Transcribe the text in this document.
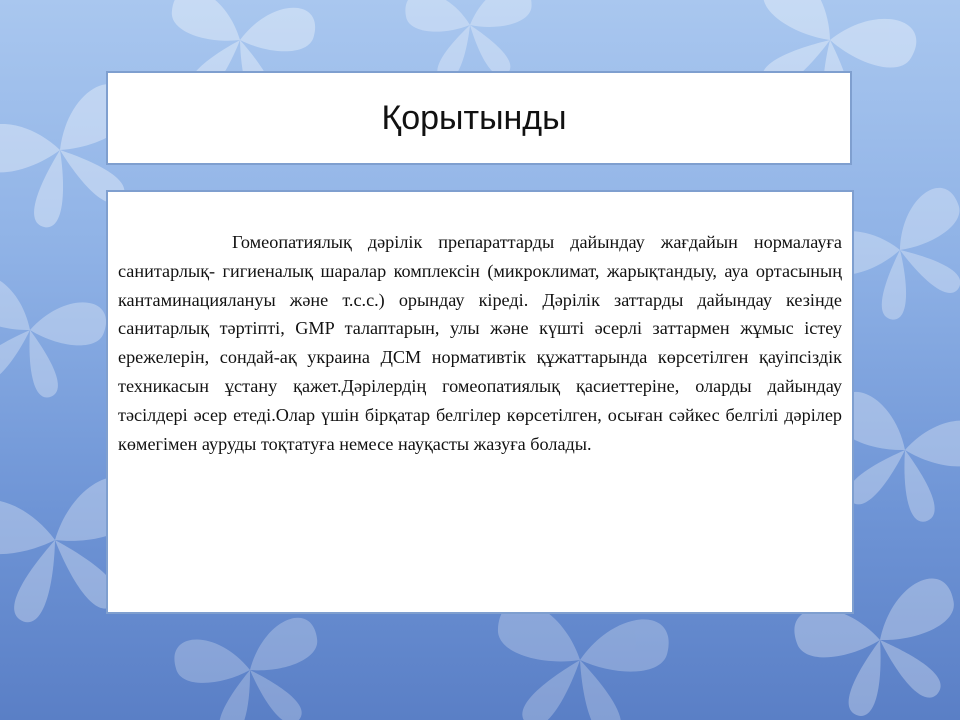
Қорытынды

Гомеопатиялық дәрілік препараттарды дайындау жағдайын нормалауға санитарлық- гигиеналық шаралар комплексін (микроклимат, жарықтандыу, ауа ортасының кантаминациялануы және т.с.с.) орындау кіреді. Дәрілік заттарды дайындау кезінде санитарлық тәртіпті, GMP талаптарын, улы және күшті әсерлі заттармен жұмыс істеу ережелерін, сондай-ақ украина ДСМ нормативтік құжаттарында көрсетілген қауіпсіздік техникасын ұстану қажет.Дәрілердің гомеопатиялық қасиеттеріне, оларды дайындау тәсілдері әсер етеді.Олар үшін бірқатар белгілер көрсетілген, осыған сәйкес белгілі дәрілер көмегімен ауруды тоқтатуға немесе науқасты жазуға болады.
